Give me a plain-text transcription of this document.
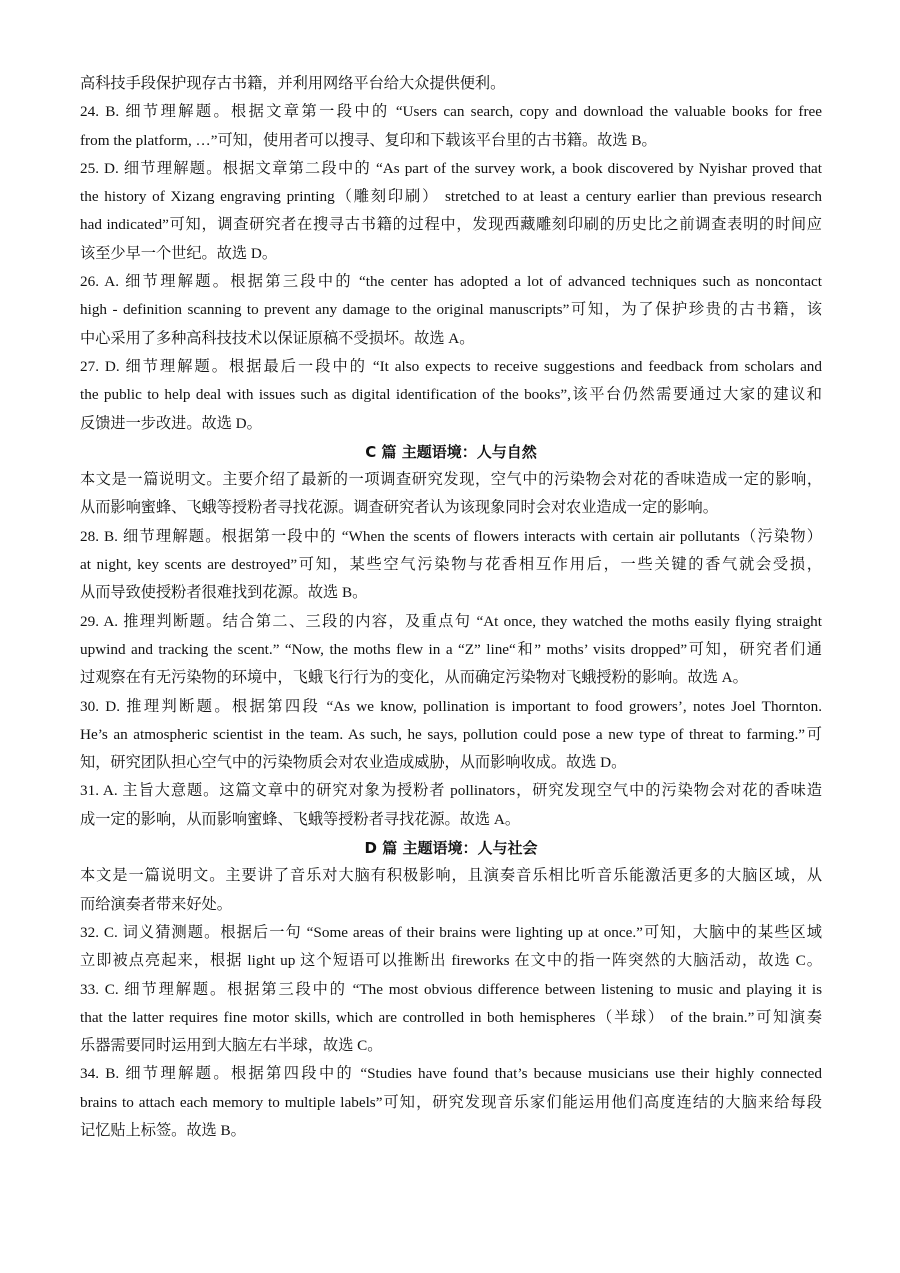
高科技手段保护现存古书籍，并利用网络平台给大众提供便利。
24. B. 细节理解题。根据文章第一段中的 “Users can search, copy and download the valuable books for free
from the platform, …”可知，使用者可以搜寻、复印和下载该平台里的古书籍。故选 B。
25. D. 细节理解题。根据文章第二段中的 “As part of the survey work, a book discovered by Nyishar proved that
the history of Xizang engraving printing（雕刻印刷） stretched to at least a century earlier than previous research
had indicated”可知，调查研究者在搜寻古书籍的过程中，发现西藏雕刻印刷的历史比之前调查表明的时间应
该至少早一个世纪。故选 D。
26. A. 细节理解题。根据第三段中的 “the center has adopted a lot of advanced techniques such as noncontact
high - definition scanning to prevent any damage to the original manuscripts”可知，为了保护珍贵的古书籍，该
中心采用了多种高科技技术以保证原稿不受损坏。故选 A。
27. D. 细节理解题。根据最后一段中的 “It also expects to receive suggestions and feedback from scholars and
the public to help deal with issues such as digital identification of the books”,该平台仍然需要通过大家的建议和
反馈进一步改进。故选 D。
C 篇 主题语境：人与自然
本文是一篇说明文。主要介绍了最新的一项调查研究发现，空气中的污染物会对花的香味造成一定的影响，
从而影响蜜蜂、飞蛾等授粉者寻找花源。调查研究者认为该现象同时会对农业造成一定的影响。
28. B. 细节理解题。根据第一段中的 “When the scents of flowers interacts with certain air pollutants（污染物）
at night, key scents are destroyed”可知，某些空气污染物与花香相互作用后，一些关键的香气就会受损，
从而导致使授粉者很难找到花源。故选 B。
29. A. 推理判断题。结合第二、三段的内容，及重点句 “At once, they watched the moths easily flying straight
upwind and tracking the scent.” “Now, the moths flew in a “Z” line“和” moths’ visits dropped”可知，研究者们通
过观察在有无污染物的环境中，飞蛾飞行行为的变化，从而确定污染物对飞蛾授粉的影响。故选 A。
30. D. 推理判断题。根据第四段 “As we know, pollination is important to food growers’, notes Joel Thornton.
He’s an atmospheric scientist in the team. As such, he says, pollution could pose a new type of threat to farming.”可
知，研究团队担心空气中的污染物质会对农业造成威胁，从而影响收成。故选 D。
31. A. 主旨大意题。这篇文章中的研究对象为授粉者 pollinators，研究发现空气中的污染物会对花的香味造
成一定的影响，从而影响蜜蜂、飞蛾等授粉者寻找花源。故选 A。
D 篇 主题语境：人与社会
本文是一篇说明文。主要讲了音乐对大脑有积极影响，且演奏音乐相比听音乐能激活更多的大脑区域，从
而给演奏者带来好处。
32. C. 词义猜测题。根据后一句 “Some areas of their brains were lighting up at once.”可知，大脑中的某些区域
立即被点亮起来，根据 light up 这个短语可以推断出 fireworks 在文中的指一阵突然的大脑活动，故选 C。
33. C. 细节理解题。根据第三段中的 “The most obvious difference between listening to music and playing it is
that the latter requires fine motor skills, which are controlled in both hemispheres（半球） of the brain.”可知演奏
乐器需要同时运用到大脑左右半球，故选 C。
34. B. 细节理解题。根据第四段中的 “Studies have found that’s because musicians use their highly connected
brains to attach each memory to multiple labels”可知，研究发现音乐家们能运用他们高度连结的大脑来给每段
记忆贴上标签。故选 B。
